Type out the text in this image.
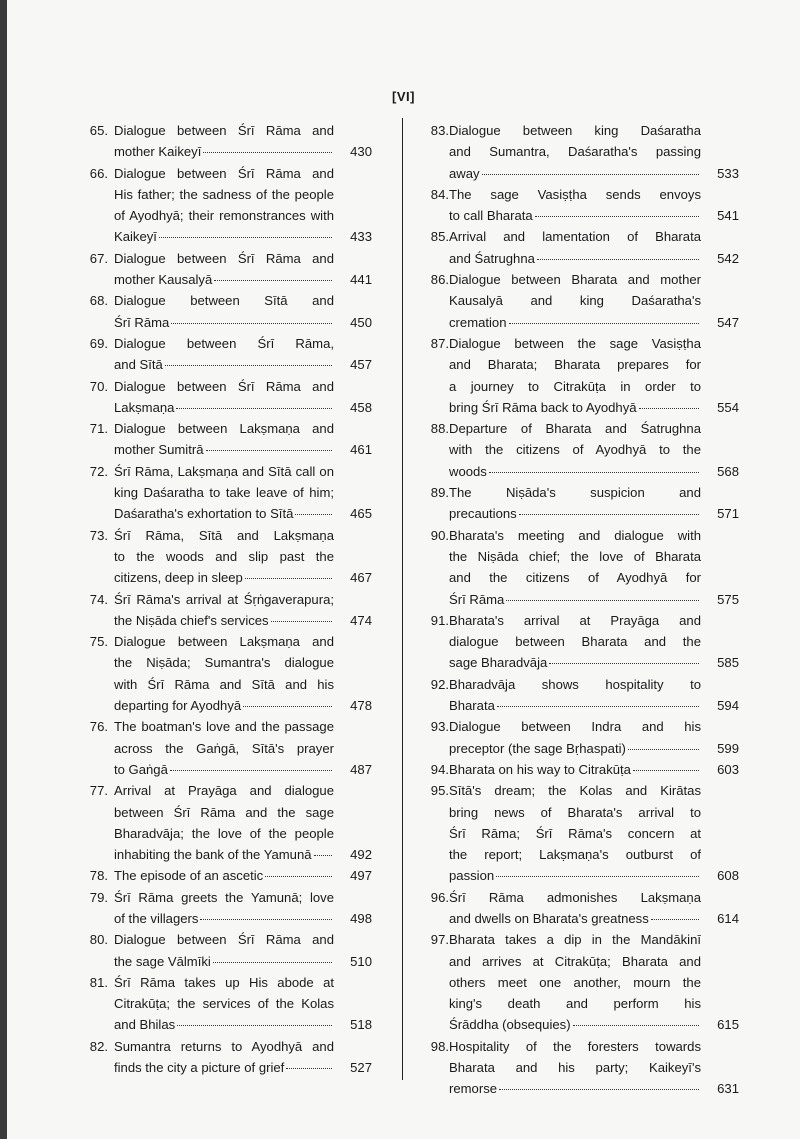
[VI]
65. Dialogue between Śrī Rāma and
mother Kaikeyī	430
66. Dialogue between Śrī Rāma and
His father; the sadness of the people
of Ayodhyā; their remonstrances with
Kaikeyī	433
67. Dialogue between Śrī Rāma and
mother Kausalyā	441
68. Dialogue between Sītā and
Śrī Rāma	450
69. Dialogue between Śrī Rāma,
and Sītā	457
70. Dialogue between Śrī Rāma and
Lakṣmaṇa	458
71. Dialogue between Lakṣmaṇa and
mother Sumitrā	461
72. Śrī Rāma, Lakṣmaṇa and Sītā call on
king Daśaratha to take leave of him;
Daśaratha's exhortation to Sītā	465
73. Śrī Rāma, Sītā and Lakṣmaṇa
to the woods and slip past the
citizens, deep in sleep	467
74. Śrī Rāma's arrival at Śṛṅgaverapura;
the Niṣāda chief's services	474
75. Dialogue between Lakṣmaṇa and
the Niṣāda; Sumantra's dialogue
with Śrī Rāma and Sītā and his
departing for Ayodhyā	478
76. The boatman's love and the passage
across the Gaṅgā, Sītā's prayer
to Gaṅgā	487
77. Arrival at Prayāga and dialogue
between Śrī Rāma and the sage
Bharadvāja; the love of the people
inhabiting the bank of the Yamunā	492
78. The episode of an ascetic	497
79. Śrī Rāma greets the Yamunā; love
of the villagers	498
80. Dialogue between Śrī Rāma and
the sage Vālmīki	510
81. Śrī Rāma takes up His abode at
Citrakūṭa; the services of the Kolas
and Bhilas	518
82. Sumantra returns to Ayodhyā and
finds the city a picture of grief	527
83. Dialogue between king Daśaratha
and Sumantra, Daśaratha's passing
away	533
84. The sage Vasiṣṭha sends envoys
to call Bharata	541
85. Arrival and lamentation of Bharata
and Śatrughna	542
86. Dialogue between Bharata and mother
Kausalyā and king Daśaratha's
cremation	547
87. Dialogue between the sage Vasiṣṭha
and Bharata; Bharata prepares for
a journey to Citrakūṭa in order to
bring Śrī Rāma back to Ayodhyā	554
88. Departure of Bharata and Śatrughna
with the citizens of Ayodhyā to the
woods	568
89. The Niṣāda's suspicion and
precautions	571
90. Bharata's meeting and dialogue with
the Niṣāda chief; the love of Bharata
and the citizens of Ayodhyā for
Śrī Rāma	575
91. Bharata's arrival at Prayāga and
dialogue between Bharata and the
sage Bharadvāja	585
92. Bharadvāja shows hospitality to
Bharata	594
93. Dialogue between Indra and his
preceptor (the sage Bṛhaspati)	599
94. Bharata on his way to Citrakūṭa	603
95. Sītā's dream; the Kolas and Kirātas
bring news of Bharata's arrival to
Śrī Rāma; Śrī Rāma's concern at
the report; Lakṣmaṇa's outburst of
passion	608
96. Śrī Rāma admonishes Lakṣmaṇa
and dwells on Bharata's greatness	614
97. Bharata takes a dip in the Mandākinī
and arrives at Citrakūṭa; Bharata and
others meet one another, mourn the
king's death and perform his
Śrāddha (obsequies)	615
98. Hospitality of the foresters towards
Bharata and his party; Kaikeyī's
remorse	631
